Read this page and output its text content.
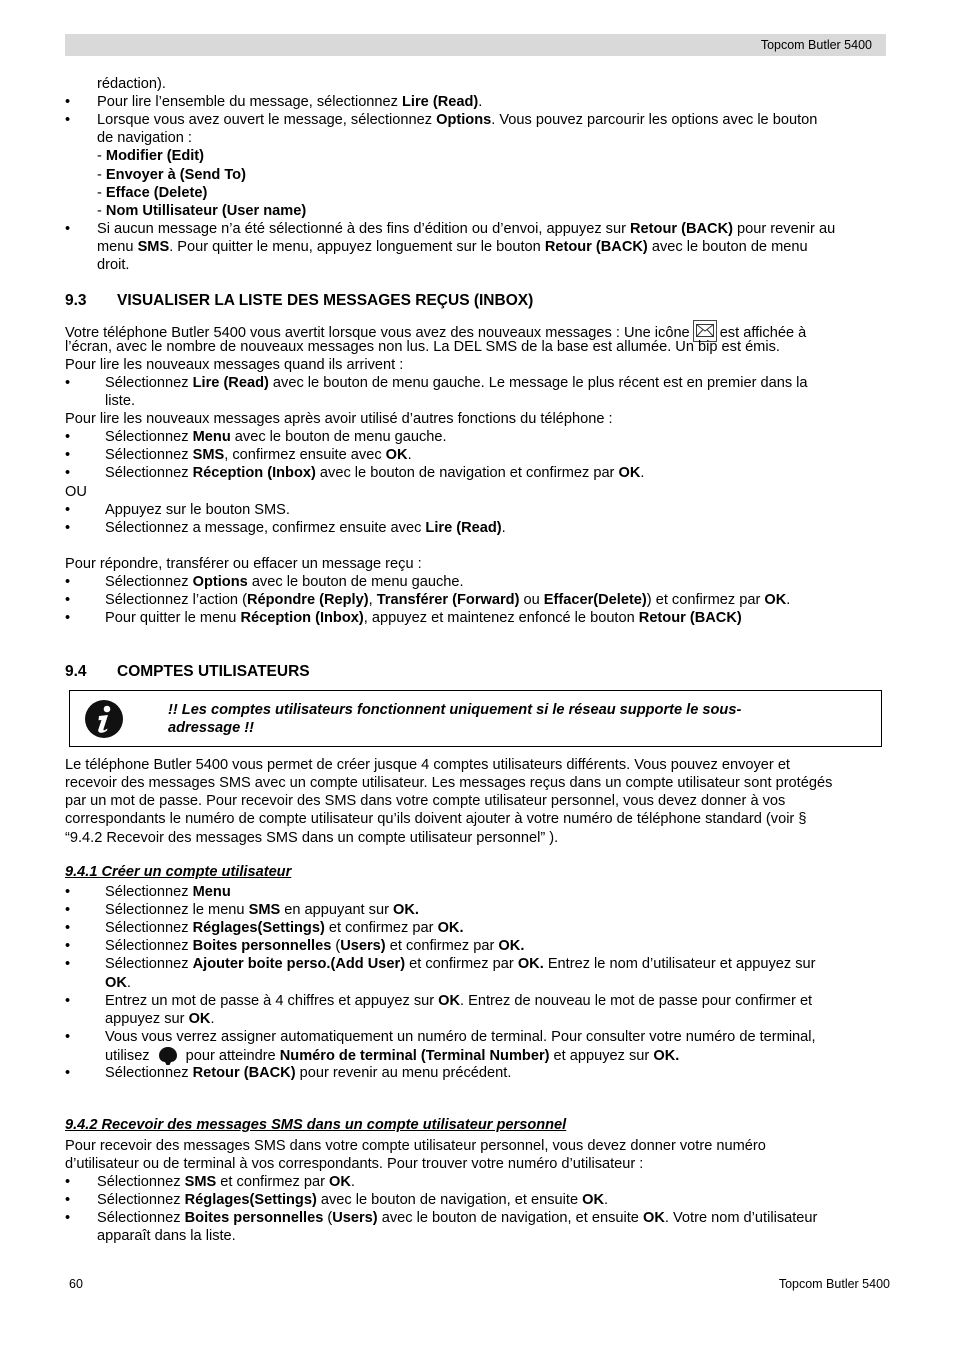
Topcom Butler 5400
rédaction).
• Pour lire l’ensemble du message, sélectionnez Lire (Read).
• Lorsque vous avez ouvert le message, sélectionnez Options. Vous pouvez parcourir les options avec le bouton
de navigation :
- Modifier (Edit)
- Envoyer à (Send To)
- Efface (Delete)
- Nom Utillisateur (User name)
• Si aucun message n’a été sélectionné à des fins d’édition ou d’envoi, appuyez sur Retour (BACK) pour revenir au
menu SMS. Pour quitter le menu, appuyez longuement sur le bouton Retour (BACK) avec le bouton de menu
droit.
9.3 VISUALISER LA LISTE DES MESSAGES REÇUS (INBOX)
Votre téléphone Butler 5400 vous avertit lorsque vous avez des nouveaux messages : Une icône est affichée à
l’écran, avec le nombre de nouveaux messages non lus. La DEL SMS de la base est allumée. Un bip est émis.
Pour lire les nouveaux messages quand ils arrivent :
• Sélectionnez Lire (Read) avec le bouton de menu gauche. Le message le plus récent est en premier dans la
liste.
Pour lire les nouveaux messages après avoir utilisé d’autres fonctions du téléphone :
• Sélectionnez Menu avec le bouton de menu gauche.
• Sélectionnez SMS, confirmez ensuite avec OK.
• Sélectionnez Réception (Inbox) avec le bouton de navigation et confirmez par OK.
OU
• Appuyez sur le bouton SMS.
• Sélectionnez a message, confirmez ensuite avec Lire (Read).
Pour répondre, transférer ou effacer un message reçu :
• Sélectionnez Options avec le bouton de menu gauche.
• Sélectionnez l’action (Répondre (Reply), Transférer (Forward) ou Effacer(Delete)) et confirmez par OK.
• Pour quitter le menu Réception (Inbox), appuyez et maintenez enfoncé le bouton Retour (BACK)
9.4 COMPTES UTILISATEURS
!! Les comptes utilisateurs fonctionnent uniquement si le réseau supporte le sous-
adressage !!
Le téléphone Butler 5400 vous permet de créer jusque 4 comptes utilisateurs différents. Vous pouvez envoyer et
recevoir des messages SMS avec un compte utilisateur. Les messages reçus dans un compte utilisateur sont protégés
par un mot de passe. Pour recevoir des SMS dans votre compte utilisateur personnel, vous devez donner à vos
correspondants le numéro de compte utilisateur qu’ils doivent ajouter à votre numéro de téléphone standard (voir §
“9.4.2 Recevoir des messages SMS dans un compte utilisateur personnel” ).
9.4.1 Créer un compte utilisateur
• Sélectionnez Menu
• Sélectionnez le menu SMS en appuyant sur OK.
• Sélectionnez Réglages(Settings) et confirmez par OK.
• Sélectionnez Boites personnelles (Users) et confirmez par OK.
• Sélectionnez Ajouter boite perso.(Add User) et confirmez par OK. Entrez le nom d’utilisateur et appuyez sur
OK.
• Entrez un mot de passe à 4 chiffres et appuyez sur OK. Entrez de nouveau le mot de passe pour confirmer et
appuyez sur OK.
• Vous vous verrez assigner automatiquement un numéro de terminal. Pour consulter votre numéro de terminal,
utilisez pour atteindre Numéro de terminal (Terminal Number) et appuyez sur OK.
• Sélectionnez Retour (BACK) pour revenir au menu précédent.
9.4.2 Recevoir des messages SMS dans un compte utilisateur personnel
Pour recevoir des messages SMS dans votre compte utilisateur personnel, vous devez donner votre numéro
d’utilisateur ou de terminal à vos correspondants. Pour trouver votre numéro d’utilisateur :
• Sélectionnez SMS et confirmez par OK.
• Sélectionnez Réglages(Settings) avec le bouton de navigation, et ensuite OK.
• Sélectionnez Boites personnelles (Users) avec le bouton de navigation, et ensuite OK. Votre nom d’utilisateur
apparaît dans la liste.
60	Topcom Butler 5400
